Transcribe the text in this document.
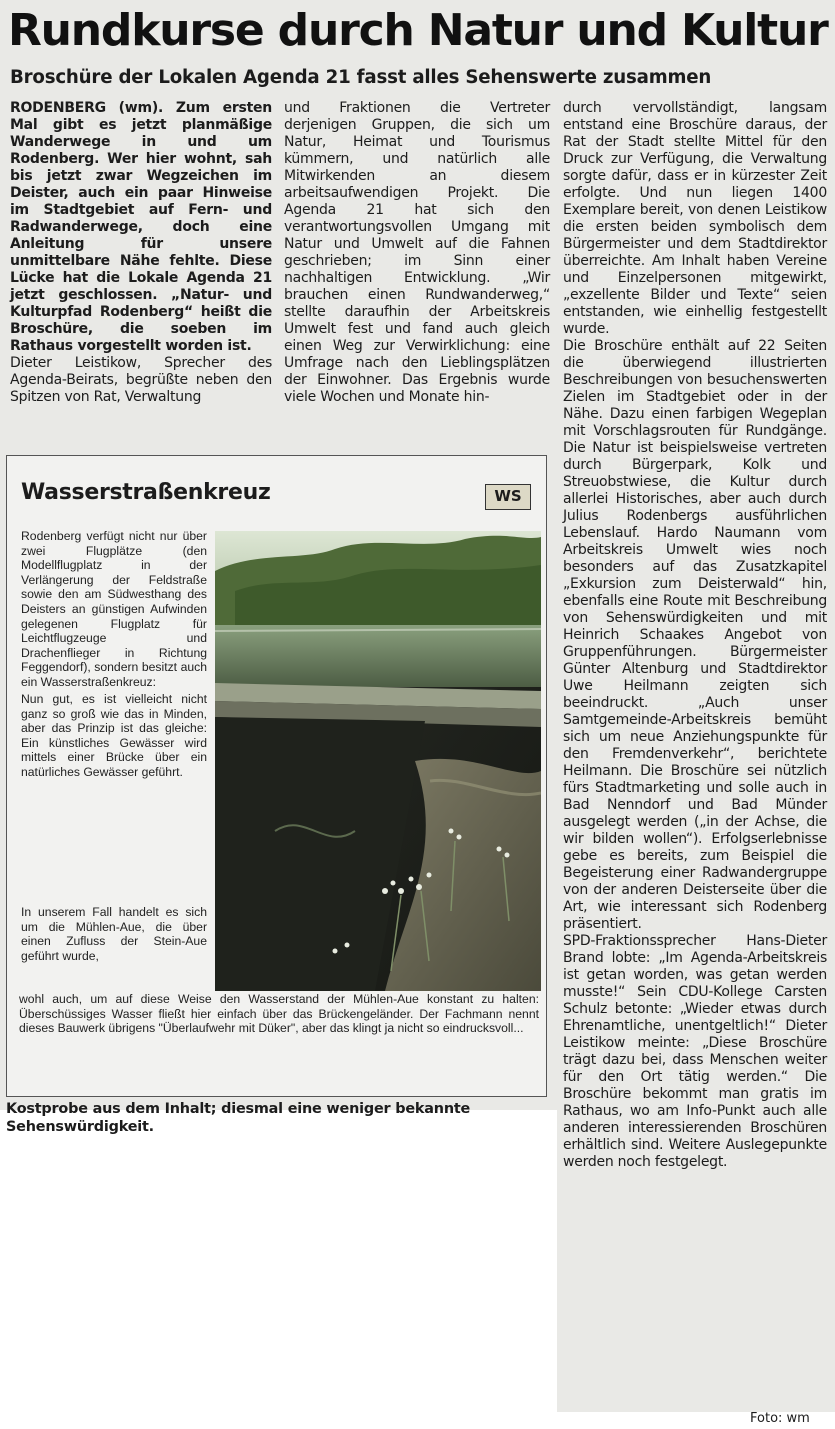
Rundkurse durch Natur und Kultur

Broschüre der Lokalen Agenda 21 fasst alles Sehenswerte zusammen

RODENBERG (wm). Zum ersten Mal gibt es jetzt planmäßige Wanderwege in und um Rodenberg. Wer hier wohnt, sah bis jetzt zwar Wegzeichen im Deister, auch ein paar Hinweise im Stadtgebiet auf Fern- und Radwanderwege, doch eine Anleitung für unsere unmittelbare Nähe fehlte. Diese Lücke hat die Lokale Agenda 21 jetzt geschlossen. „Natur- und Kulturpfad Rodenberg“ heißt die Broschüre, die soeben im Rathaus vorgestellt worden ist.
Dieter Leistikow, Sprecher des Agenda-Beirats, begrüßte neben den Spitzen von Rat, Verwaltung
und Fraktionen die Vertreter derjenigen Gruppen, die sich um Natur, Heimat und Tourismus kümmern, und natürlich alle Mitwirkenden an diesem arbeitsaufwendigen Projekt. Die Agenda 21 hat sich den verantwortungsvollen Umgang mit Natur und Umwelt auf die Fahnen geschrieben; im Sinn einer nachhaltigen Entwicklung. „Wir brauchen einen Rundwanderweg,“ stellte daraufhin der Arbeitskreis Umwelt fest und fand auch gleich einen Weg zur Verwirklichung: eine Umfrage nach den Lieblingsplätzen der Einwohner. Das Ergebnis wurde viele Wochen und Monate hin-
durch vervollständigt, langsam entstand eine Broschüre daraus, der Rat der Stadt stellte Mittel für den Druck zur Verfügung, die Verwaltung sorgte dafür, dass er in kürzester Zeit erfolgte. Und nun liegen 1400 Exemplare bereit, von denen Leistikow die ersten beiden symbolisch dem Bürgermeister und dem Stadtdirektor überreichte. Am Inhalt haben Vereine und Einzelpersonen mitgewirkt, „exzellente Bilder und Texte“ seien entstanden, wie einhellig festgestellt wurde.
Die Broschüre enthält auf 22 Seiten die überwiegend illustrierten Beschreibungen von besuchenswerten Zielen im Stadtgebiet oder in der Nähe. Dazu einen farbigen Wegeplan mit Vorschlagsrouten für Rundgänge. Die Natur ist beispielsweise vertreten durch Bürgerpark, Kolk und Streuobstwiese, die Kultur durch allerlei Historisches, aber auch durch Julius Rodenbergs ausführlichen Lebenslauf. Hardo Naumann vom Arbeitskreis Umwelt wies noch besonders auf das Zusatzkapitel „Exkursion zum Deisterwald“ hin, ebenfalls eine Route mit Beschreibung von Sehenswürdigkeiten und mit Heinrich Schaakes Angebot von Gruppenführungen. Bürgermeister Günter Altenburg und Stadtdirektor Uwe Heilmann zeigten sich beeindruckt. „Auch unser Samtgemeinde-Arbeitskreis bemüht sich um neue Anziehungspunkte für den Fremdenverkehr“, berichtete Heilmann. Die Broschüre sei nützlich fürs Stadtmarketing und solle auch in Bad Nenndorf und Bad Münder ausgelegt werden („in der Achse, die wir bilden wollen“). Erfolgserlebnisse gebe es bereits, zum Beispiel die Begeisterung einer Radwandergruppe von der anderen Deisterseite über die Art, wie interessant sich Rodenberg präsentiert.
SPD-Fraktionssprecher Hans-Dieter Brand lobte: „Im Agenda-Arbeitskreis ist getan worden, was getan werden musste!“ Sein CDU-Kollege Carsten Schulz betonte: „Wieder etwas durch Ehrenamtliche, unentgeltlich!“ Dieter Leistikow meinte: „Diese Broschüre trägt dazu bei, dass Menschen weiter für den Ort tätig werden.“ Die Broschüre bekommt man gratis im Rathaus, wo am Info-Punkt auch alle anderen interessierenden Broschüren erhältlich sind. Weitere Auslegepunkte werden noch festgelegt.

Wasserstraßenkreuz	WS

Rodenberg verfügt nicht nur über zwei Flugplätze (den Modellflugplatz in der Verlängerung der Feldstraße sowie den am Südwesthang des Deisters an günstigen Aufwinden gelegenen Flugplatz für Leichtflugzeuge und Drachenflieger in Richtung Feggendorf), sondern besitzt auch ein Wasserstraßenkreuz:

Nun gut, es ist vielleicht nicht ganz so groß wie das in Minden, aber das Prinzip ist das gleiche: Ein künstliches Gewässer wird mittels einer Brücke über ein natürliches Gewässer geführt.

In unserem Fall handelt es sich um die Mühlen-Aue, die über einen Zufluss der Stein-Aue geführt wurde,

wohl auch, um auf diese Weise den Wasserstand der Mühlen-Aue konstant zu halten: Überschüssiges Wasser fließt hier einfach über das Brückengeländer. Der Fachmann nennt dieses Bauwerk übrigens "Überlaufwehr mit Düker", aber das klingt ja nicht so eindrucksvoll...

Kostprobe aus dem Inhalt; diesmal eine weniger bekannte Sehenswürdigkeit.

Foto: wm
